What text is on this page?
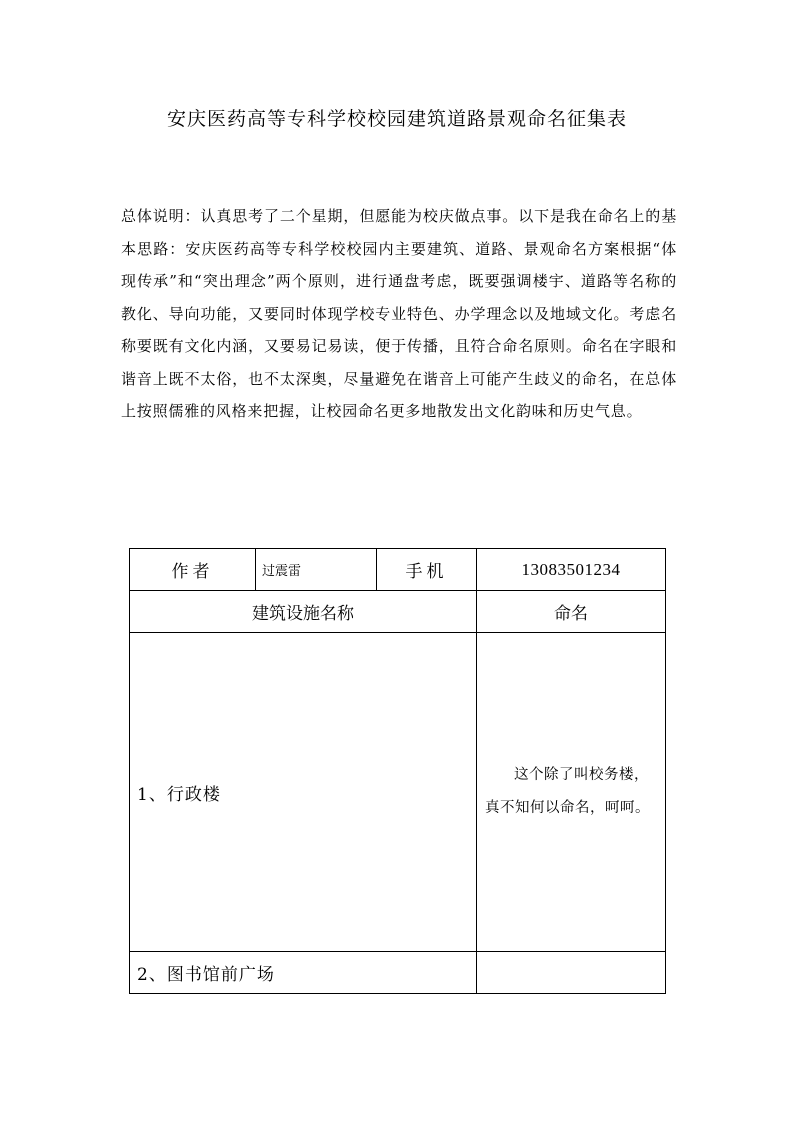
安庆医药高等专科学校校园建筑道路景观命名征集表

总体说明：认真思考了二个星期，但愿能为校庆做点事。以下是我在命名上的基本思路：安庆医药高等专科学校校园内主要建筑、道路、景观命名方案根据“体现传承”和“突出理念”两个原则，进行通盘考虑，既要强调楼宇、道路等名称的教化、导向功能，又要同时体现学校专业特色、办学理念以及地域文化。考虑名称要既有文化内涵，又要易记易读，便于传播，且符合命名原则。命名在字眼和谐音上既不太俗，也不太深奥，尽量避免在谐音上可能产生歧义的命名，在总体上按照儒雅的风格来把握，让校园命名更多地散发出文化韵味和历史气息。

作者	过震雷	手机	13083501234
建筑设施名称			命名
1、行政楼			这个除了叫校务楼，真不知何以命名，呵呵。
2、图书馆前广场			
